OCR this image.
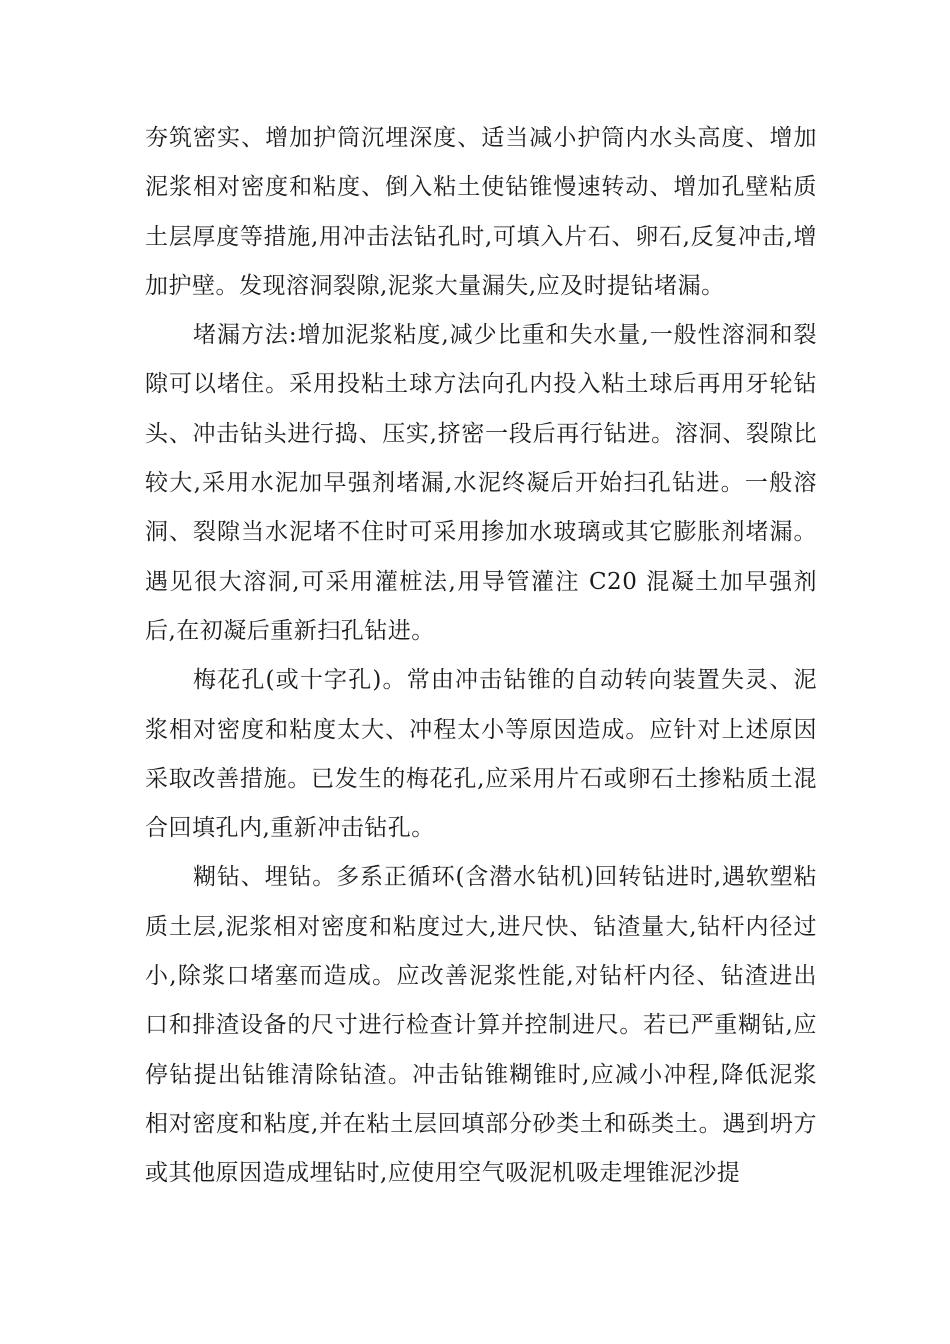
夯筑密实、增加护筒沉埋深度、适当减小护筒内水头高度、增加泥浆相对密度和粘度、倒入粘土使钻锥慢速转动、增加孔壁粘质土层厚度等措施,用冲击法钻孔时,可填入片石、卵石,反复冲击,增加护壁。发现溶洞裂隙,泥浆大量漏失,应及时提钻堵漏。

堵漏方法:增加泥浆粘度,减少比重和失水量,一般性溶洞和裂隙可以堵住。采用投粘土球方法向孔内投入粘土球后再用牙轮钻头、冲击钻头进行捣、压实,挤密一段后再行钻进。溶洞、裂隙比较大,采用水泥加早强剂堵漏,水泥终凝后开始扫孔钻进。一般溶洞、裂隙当水泥堵不住时可采用掺加水玻璃或其它膨胀剂堵漏。遇见很大溶洞,可采用灌桩法,用导管灌注 C20 混凝土加早强剂后,在初凝后重新扫孔钻进。

梅花孔(或十字孔)。常由冲击钻锥的自动转向装置失灵、泥浆相对密度和粘度太大、冲程太小等原因造成。应针对上述原因采取改善措施。已发生的梅花孔,应采用片石或卵石土掺粘质土混合回填孔内,重新冲击钻孔。

糊钻、埋钻。多系正循环(含潜水钻机)回转钻进时,遇软塑粘质土层,泥浆相对密度和粘度过大,进尺快、钻渣量大,钻杆内径过小,除浆口堵塞而造成。应改善泥浆性能,对钻杆内径、钻渣进出口和排渣设备的尺寸进行检查计算并控制进尺。若已严重糊钻,应停钻提出钻锥清除钻渣。冲击钻锥糊锥时,应减小冲程,降低泥浆相对密度和粘度,并在粘土层回填部分砂类土和砾类土。遇到坍方或其他原因造成埋钻时,应使用空气吸泥机吸走埋锥泥沙提
